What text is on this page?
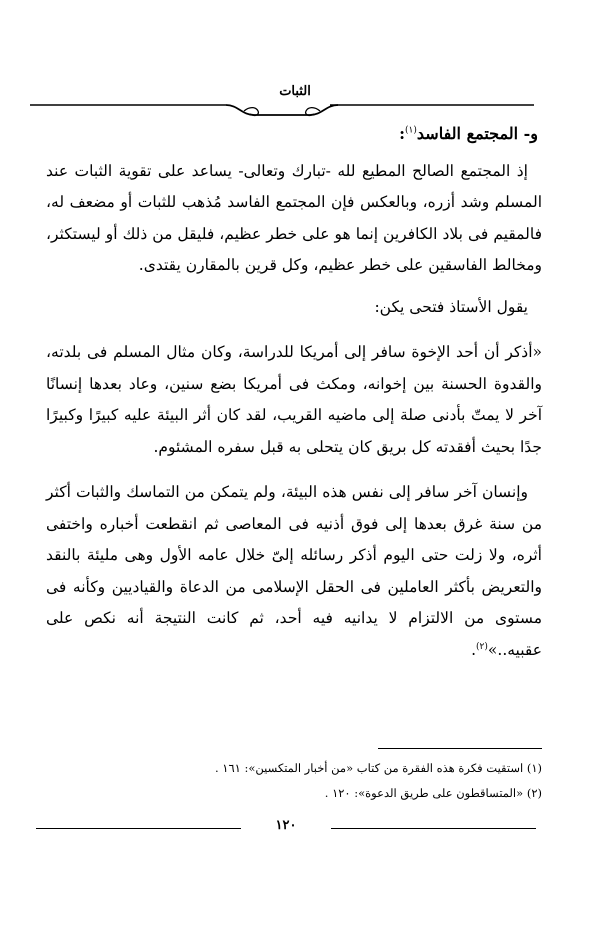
الثبات

و- المجتمع الفاسد$^{(١)}$:

إذ المجتمع الصالح المطيع لله -تبارك وتعالى- يساعد على تقوية الثبات عند المسلم وشد أزره، وبالعكس فإن المجتمع الفاسد مُذهب للثبات أو مضعف له، فالمقيم فى بلاد الكافرين إنما هو على خطر عظيم، فليقل من ذلك أو ليستكثر، ومخالط الفاسقين على خطر عظيم، وكل قرين بالمقارن يقتدى.

يقول الأستاذ فتحى يكن:

«أذكر أن أحد الإخوة سافر إلى أمريكا للدراسة، وكان مثال المسلم فى بلدته، والقدوة الحسنة بين إخوانه، ومكث فى أمريكا بضع سنين، وعاد بعدها إنسانًا آخر لا يمتّ بأدنى صلة إلى ماضيه القريب، لقد كان أثر البيئة عليه كبيرًا وكبيرًا جدًا بحيث أفقدته كل بريق كان يتحلى به قبل سفره المشئوم.

وإنسان آخر سافر إلى نفس هذه البيئة، ولم يتمكن من التماسك والثبات أكثر من سنة غرق بعدها إلى فوق أذنيه فى المعاصى ثم انقطعت أخباره واختفى أثره، ولا زلت حتى اليوم أذكر رسائله إلىّ خلال عامه الأول وهى مليئة بالنقد والتعريض بأكثر العاملين فى الحقل الإسلامى من الدعاة والقياديين وكأنه فى مستوى من الالتزام لا يدانيه فيه أحد، ثم كانت النتيجة أنه نكص على عقبيه..»$^{(٢)}$.

(١) استقيت فكرة هذه الفقرة من كتاب «من أخبار المتكسين»: ١٦١ .

(٢) «المتساقطون على طريق الدعوة»: ١٢٠ .

١٢٠
